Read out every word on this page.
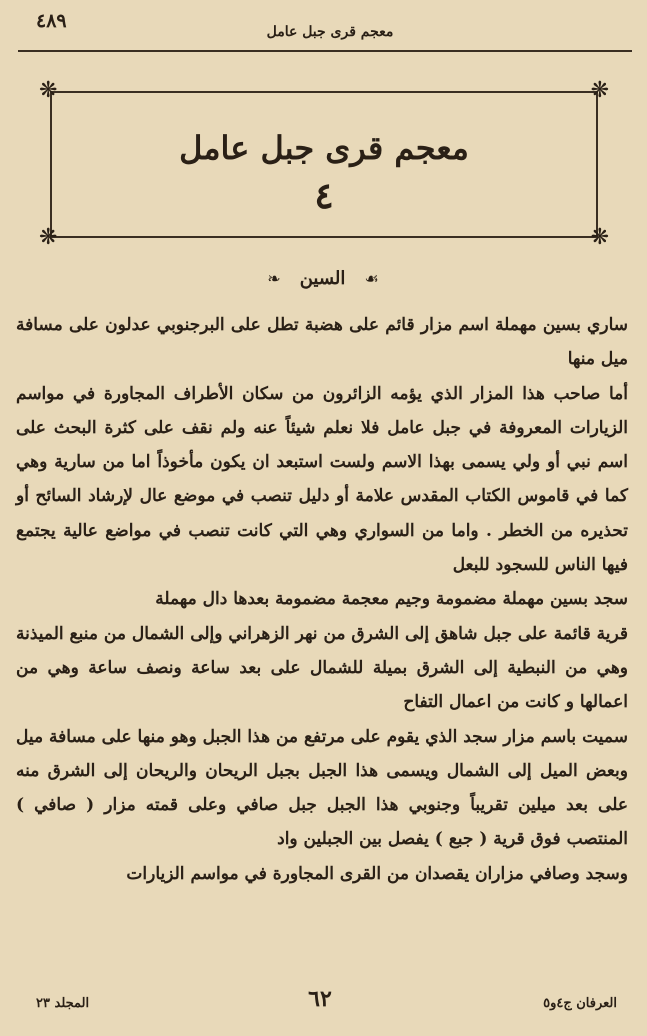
٤٨٩	معجم قرى جبل عامل
❋	❋
❋	❋
معجم قرى جبل عامل
٤
☙ السين ❧

ساري بسين مهملة اسم مزار قائم على هضبة تطل على البرجنوبي عدلون على مسافة ميل منها

أما صاحب هذا المزار الذي يؤمه الزائرون من سكان الأطراف المجاورة في مواسم الزيارات المعروفة في جبل عامل فلا نعلم شيئاً عنه ولم نقف على كثرة البحث على اسم نبي أو ولي يسمى بهذا الاسم ولست استبعد ان يكون مأخوذاً اما من سارية وهي كما في قاموس الكتاب المقدس علامة أو دليل تنصب في موضع عال لإرشاد السائح أو تحذيره من الخطر . واما من السواري وهي التي كانت تنصب في مواضع عالية يجتمع فيها الناس للسجود للبعل

سجد بسين مهملة مضمومة وجيم معجمة مضمومة بعدها دال مهملة

قرية قائمة على جبل شاهق إلى الشرق من نهر الزهراني وإلى الشمال من منبع الميذنة وهي من النبطية إلى الشرق بميلة للشمال على بعد ساعة ونصف ساعة وهي من اعمالها و كانت من اعمال التفاح

سميت باسم مزار سجد الذي يقوم على مرتفع من هذا الجبل وهو منها على مسافة ميل وبعض الميل إلى الشمال ويسمى هذا الجبل بجبل الريحان والريحان إلى الشرق منه على بعد ميلين تقريباً وجنوبي هذا الجبل جبل صافي وعلى قمته مزار ( صافي ) المنتصب فوق قرية ( جبع ) يفصل بين الجبلين واد

وسجد وصافي مزاران يقصدان من القرى المجاورة في مواسم الزيارات

المجلد ٢٣	٦٢	العرفان ج٤و٥
